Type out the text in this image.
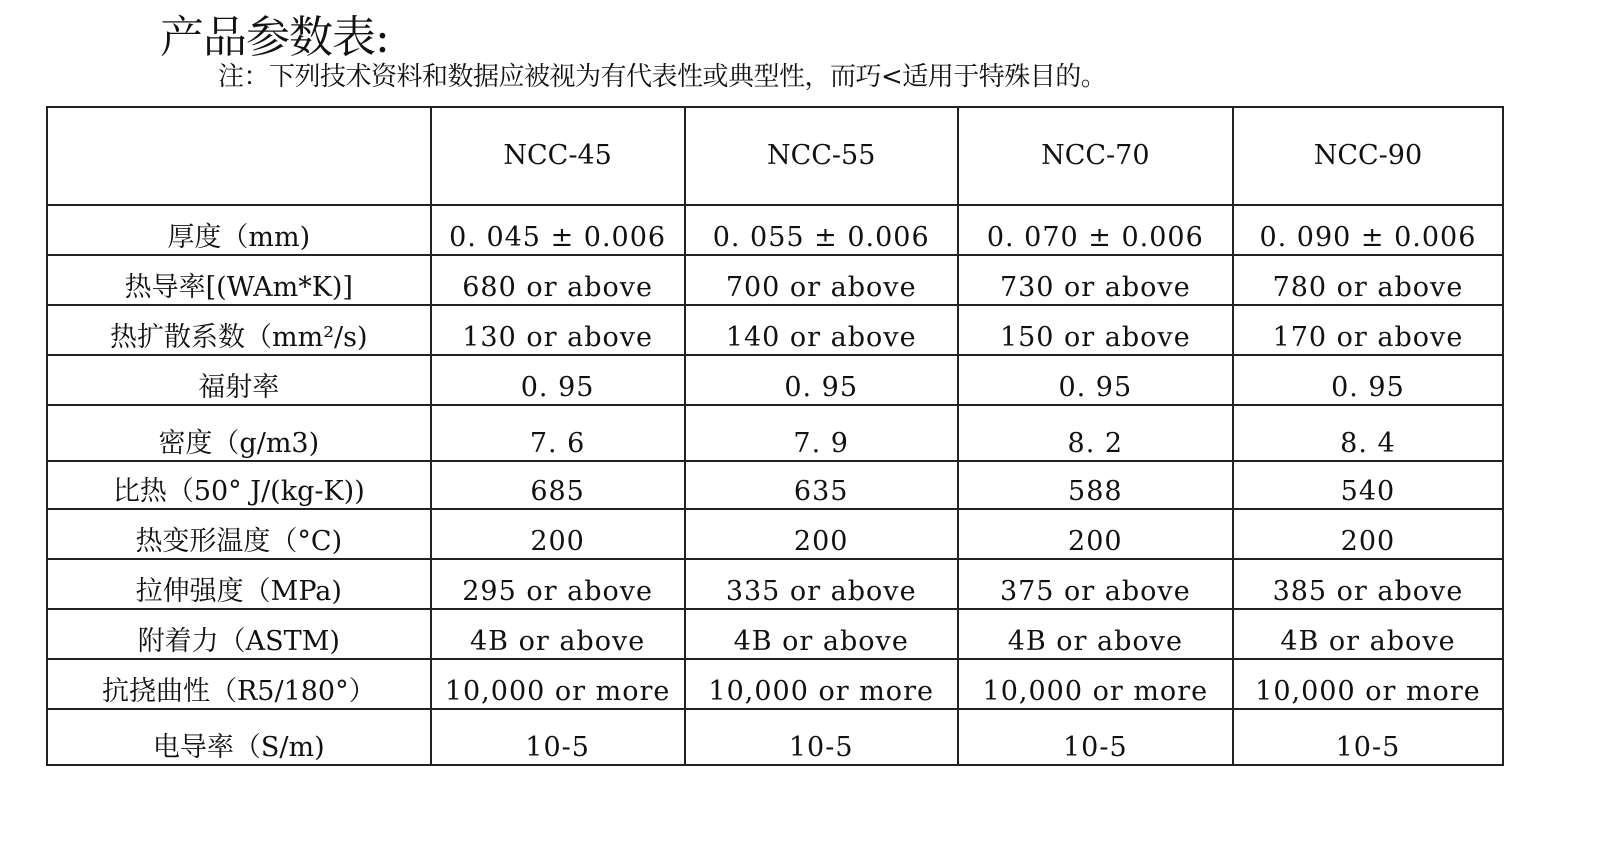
产品参数表:
注：下列技术资料和数据应被视为有代表性或典型性，而巧<适用于特殊目的。
	NCC-45	NCC-55	NCC-70	NCC-90
厚度（mm)	0. 045 ± 0.006	0. 055 ± 0.006	0. 070 ± 0.006	0. 090 ± 0.006
热导率[(WAm*K)]	680 or above	700 or above	730 or above	780 or above
热扩散系数（mm²/s)	130 or above	140 or above	150 or above	170 or above
福射率	0. 95	0. 95	0. 95	0. 95
密度（g/m3)	7. 6	7. 9	8. 2	8. 4
比热（50° J/(kg-K))	685	635	588	540
热变形温度（°C)	200	200	200	200
拉伸强度（MPa)	295 or above	335 or above	375 or above	385 or above
附着力（ASTM)	4B or above	4B or above	4B or above	4B or above
抗挠曲性（R5/180°）	10,000 or more	10,000 or more	10,000 or more	10,000 or more
电导率（S/m)	10-5	10-5	10-5	10-5
